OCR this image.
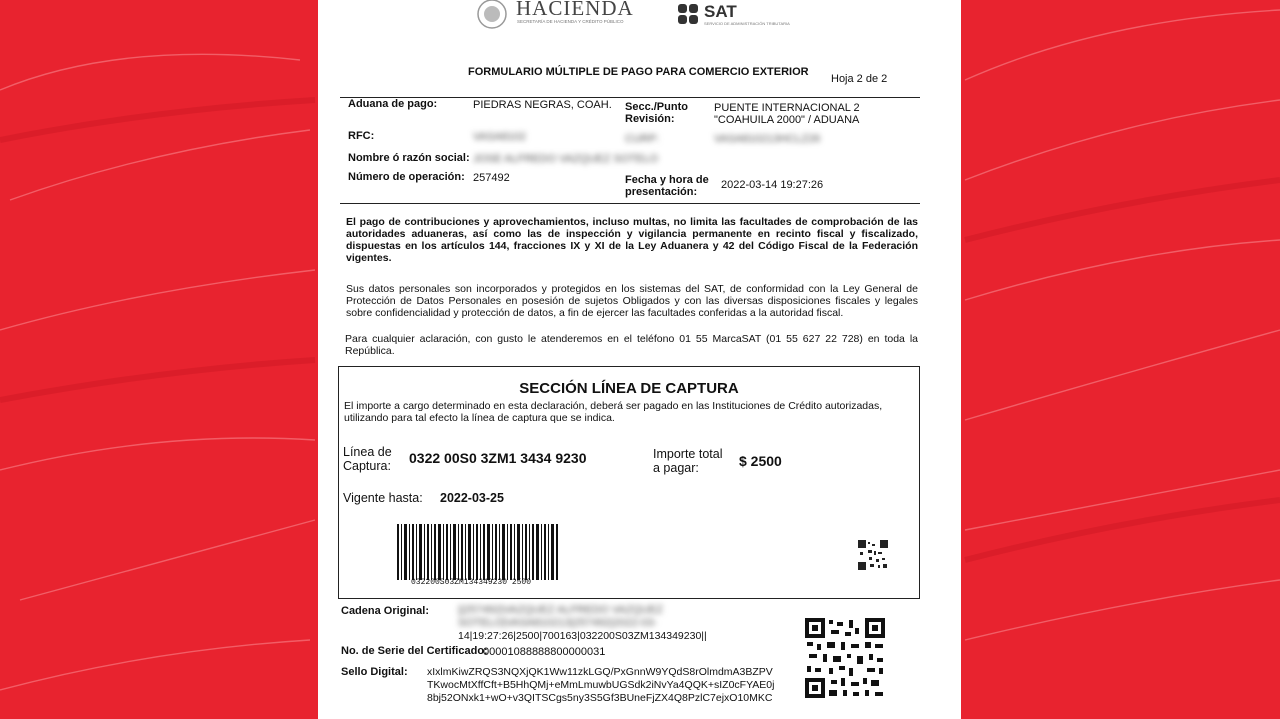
HACIENDA
SECRETARÍA DE HACIENDA Y CRÉDITO PÚBLICO
SAT
SERVICIO DE ADMINISTRACIÓN TRIBUTARIA
FORMULARIO MÚLTIPLE DE PAGO PARA COMERCIO EXTERIOR
Hoja 2 de 2
Aduana de pago:	PIEDRAS NEGRAS, COAH. Secc./Punto
Revisión:
PUENTE INTERNACIONAL 2
"COAHUILA 2000" / ADUANA
RFC:	VASA8102	CURP:	VASA810213HCLZ26
Nombre ó razón social: JOSE ALFREDO VAZQUEZ SOTELO
Número de operación: 257492	Fecha y hora de
presentación:
2022-03-14 19:27:26
El pago de contribuciones y aprovechamientos, incluso multas, no limita las facultades de comprobación de las autoridades aduaneras, así como las de inspección y vigilancia permanente en recinto fiscal y fiscalizado, dispuestas en los artículos 144, fracciones IX y XI de la Ley Aduanera y 42 del Código Fiscal de la Federación vigentes.
Sus datos personales son incorporados y protegidos en los sistemas del SAT, de conformidad con la Ley General de Protección de Datos Personales en posesión de sujetos Obligados y con las diversas disposiciones fiscales y legales sobre confidencialidad y protección de datos, a fin de ejercer las facultades conferidas a la autoridad fiscal.
Para cualquier aclaración, con gusto le atenderemos en el teléfono 01 55 MarcaSAT (01 55 627 22 728) en toda la República.
SECCIÓN LÍNEA DE CAPTURA
El importe a cargo determinado en esta declaración, deberá ser pagado en las Instituciones de Crédito autorizadas, utilizando para tal efecto la línea de captura que se indica.
Línea de
Captura: 0322 00S0 3ZM1 3434 9230	Importe total
a pagar:	$ 2500
Vigente hasta: 2022-03-25
032200S03ZM134349230 2500
Cadena Original:	||257492|VAZQUEZ ALFREDO VAZQUEZ
SOTELO|VASA810213|257492|2022-03-
14|19:27:26|2500|700163|032200S03ZM134349230||
No. de Serie del Certificado:
00001088888800000031
Sello Digital: xIxlmKiwZRQS3NQXjQK1Ww11zkLGQ/PxGnnW9YQdS8rOlmdmA3BZPV
TKwocMtXffCft+B5HhQMj+eMmLmuwbUGSdk2iNvYa4QQK+sIZ0cFYAE0j
8bj52ONxk1+wO+v3QITSCgs5ny3S5Gf3BUneFjZX4Q8PzlC7ejxO10MKC
